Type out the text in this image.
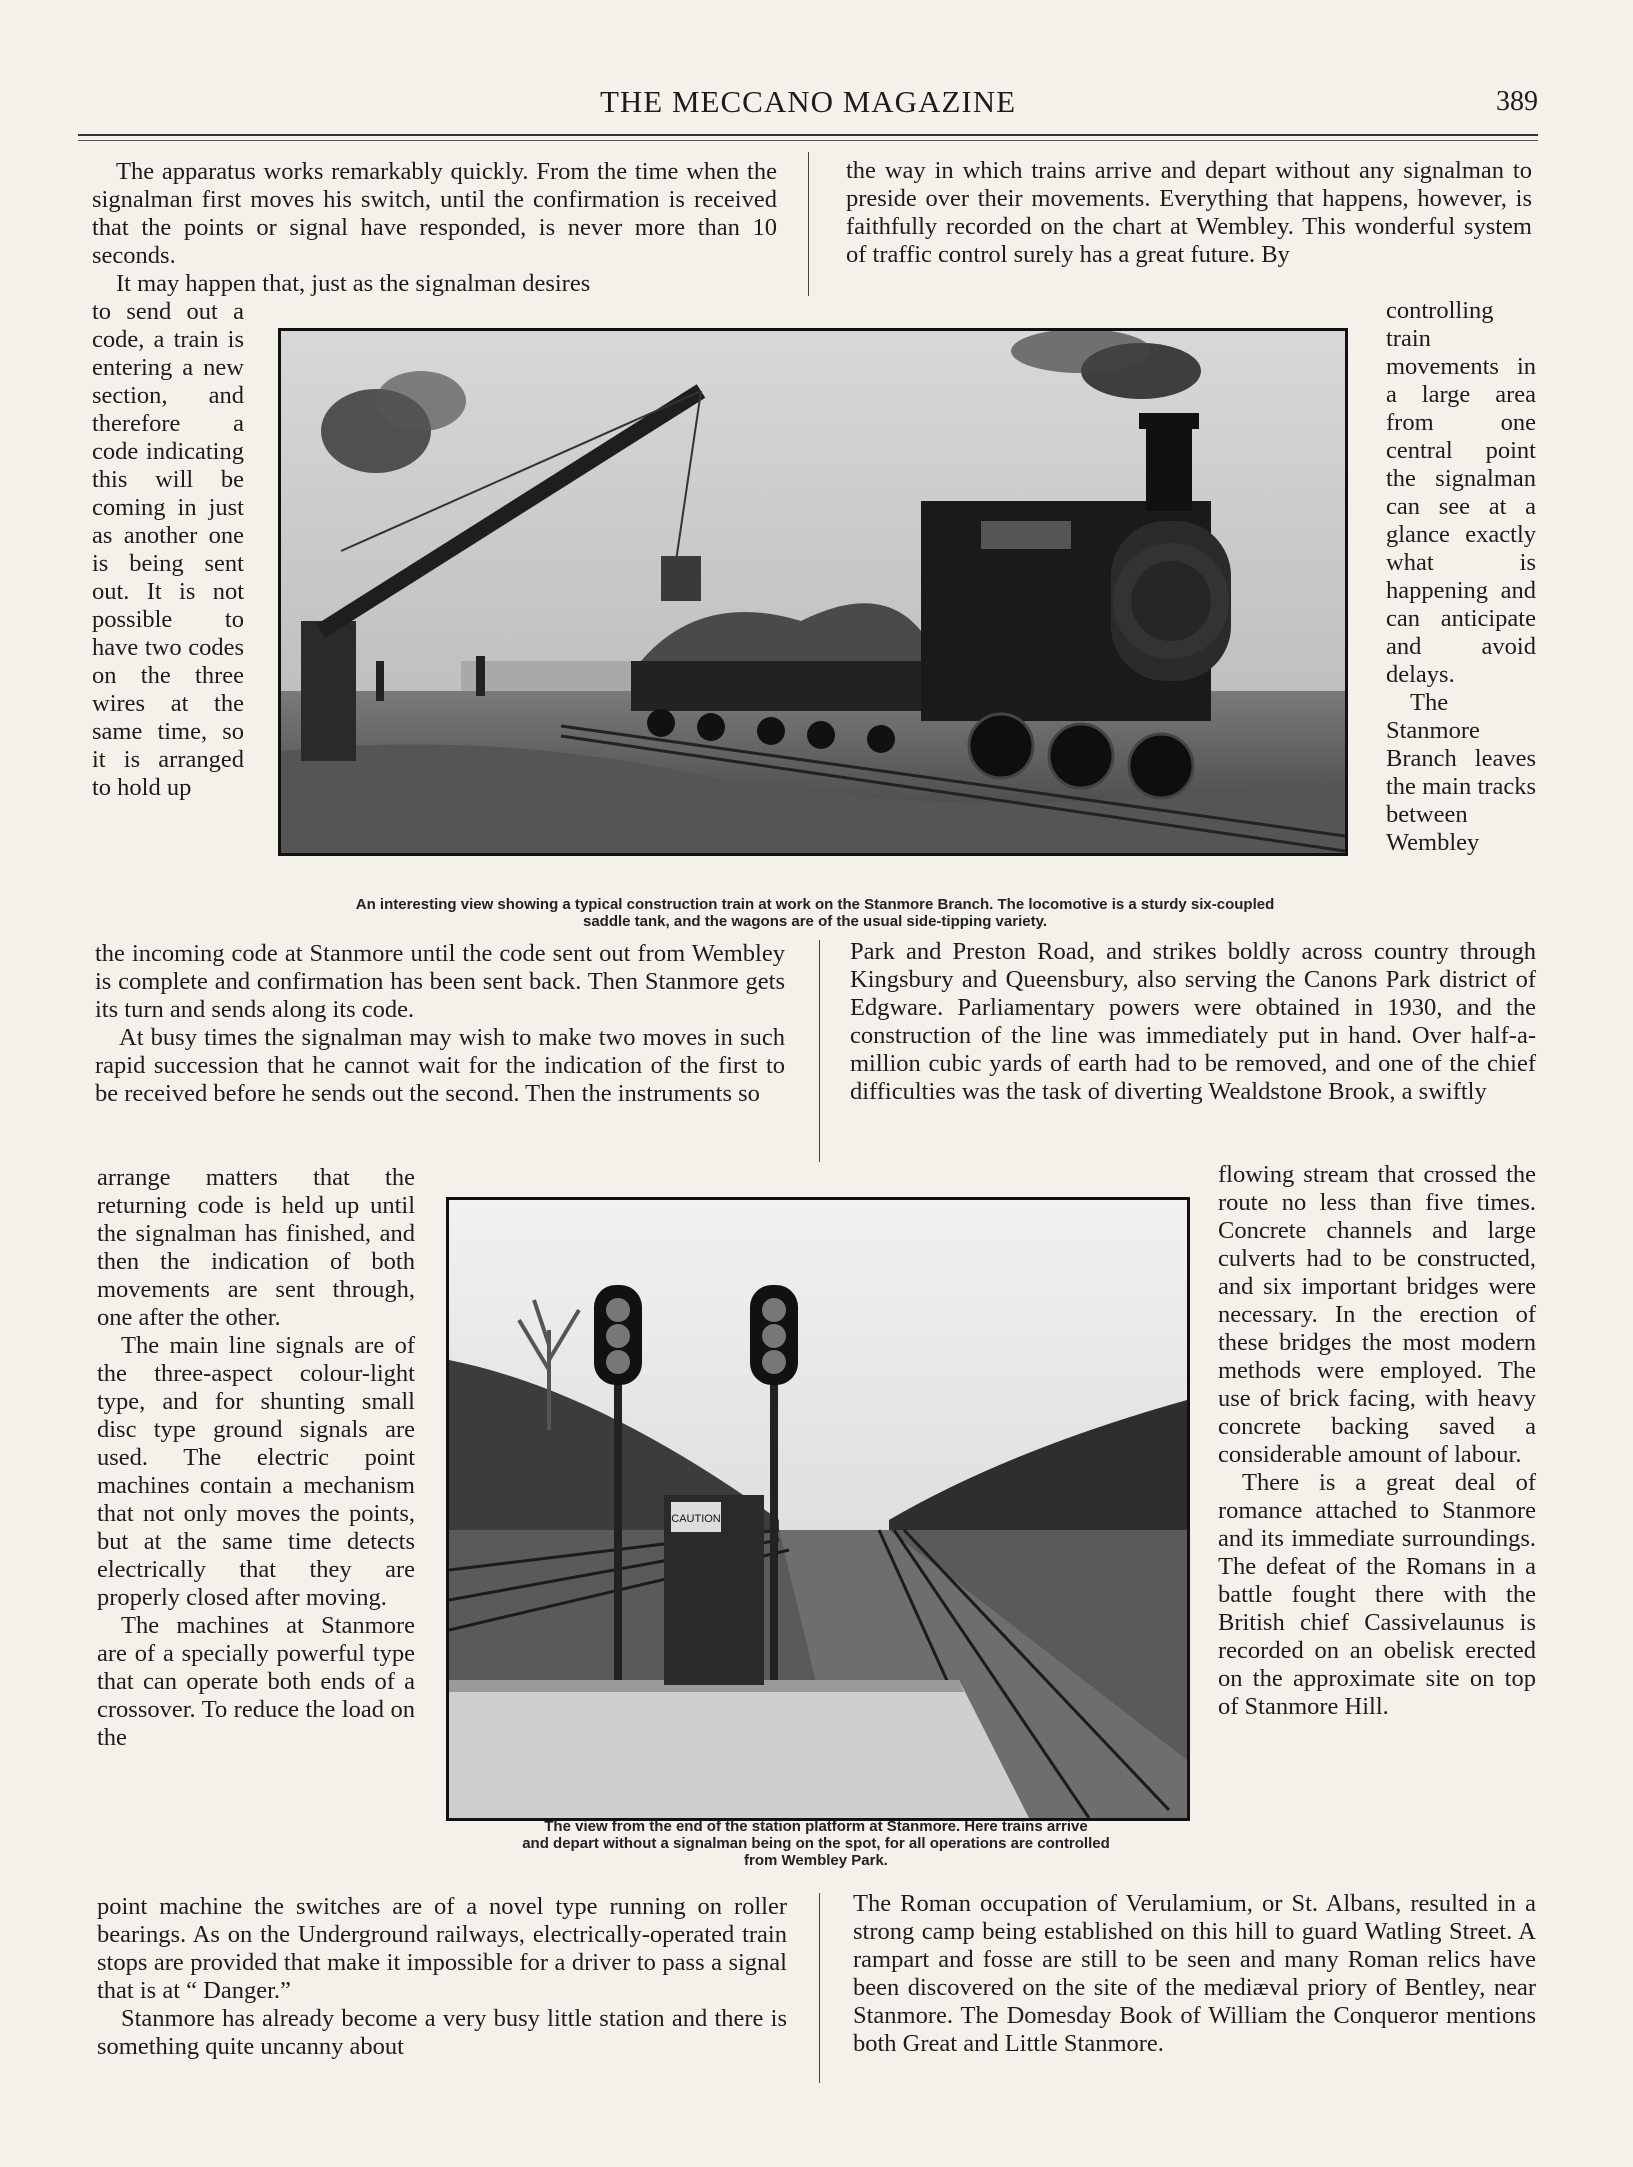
THE MECCANO MAGAZINE	389

The apparatus works remarkably quickly. From the time when the signalman first moves his switch, until the confirmation is received that the points or signal have responded, is never more than 10 seconds.

It may happen that, just as the signalman desires

to send out a code, a train is entering a new section, and therefore a code indicating this will be coming in just as another one is being sent out. It is not possible to have two codes on the three wires at the same time, so it is arranged to hold up

the incoming code at Stanmore until the code sent out from Wembley is complete and confirmation has been sent back. Then Stanmore gets its turn and sends along its code.

At busy times the signalman may wish to make two moves in such rapid succession that he cannot wait for the indication of the first to be received before he sends out the second. Then the instruments so

arrange matters that the returning code is held up until the signalman has finished, and then the indication of both movements are sent through, one after the other.

The main line signals are of the three-aspect colour-light type, and for shunting small disc type ground signals are used. The electric point machines contain a mechanism that not only moves the points, but at the same time detects electrically that they are properly closed after moving.

The machines at Stanmore are of a specially powerful type that can operate both ends of a crossover. To reduce the load on the

point machine the switches are of a novel type running on roller bearings. As on the Underground railways, electrically-operated train stops are provided that make it impossible for a driver to pass a signal that is at “ Danger.”

Stanmore has already become a very busy little station and there is something quite uncanny about

the way in which trains arrive and depart without any signalman to preside over their movements. Everything that happens, however, is faithfully recorded on the chart at Wembley. This wonderful system of traffic control surely has a great future. By

controlling train movements in a large area from one central point the signalman can see at a glance exactly what is happening and can anticipate and avoid delays.

The Stanmore Branch leaves the main tracks between Wembley

Park and Preston Road, and strikes boldly across country through Kingsbury and Queensbury, also serving the Canons Park district of Edgware. Parliamentary powers were obtained in 1930, and the construction of the line was immediately put in hand. Over half-a-million cubic yards of earth had to be removed, and one of the chief difficulties was the task of diverting Wealdstone Brook, a swiftly

flowing stream that crossed the route no less than five times. Concrete channels and large culverts had to be constructed, and six important bridges were necessary. In the erection of these bridges the most modern methods were employed. The use of brick facing, with heavy concrete backing saved a considerable amount of labour.

There is a great deal of romance attached to Stanmore and its immediate surroundings. The defeat of the Romans in a battle fought there with the British chief Cassivelaunus is recorded on an obelisk erected on the approximate site on top of Stanmore Hill.

The Roman occupation of Verulamium, or St. Albans, resulted in a strong camp being established on this hill to guard Watling Street. A rampart and fosse are still to be seen and many Roman relics have been discovered on the site of the mediæval priory of Bentley, near Stanmore. The Domesday Book of William the Conqueror mentions both Great and Little Stanmore.

An interesting view showing a typical construction train at work on the Stanmore Branch. The locomotive is a sturdy six-coupled
saddle tank, and the wagons are of the usual side-tipping variety.
CAUTION
The view from the end of the station platform at Stanmore. Here trains arrive
and depart without a signalman being on the spot, for all operations are controlled
from Wembley Park.
